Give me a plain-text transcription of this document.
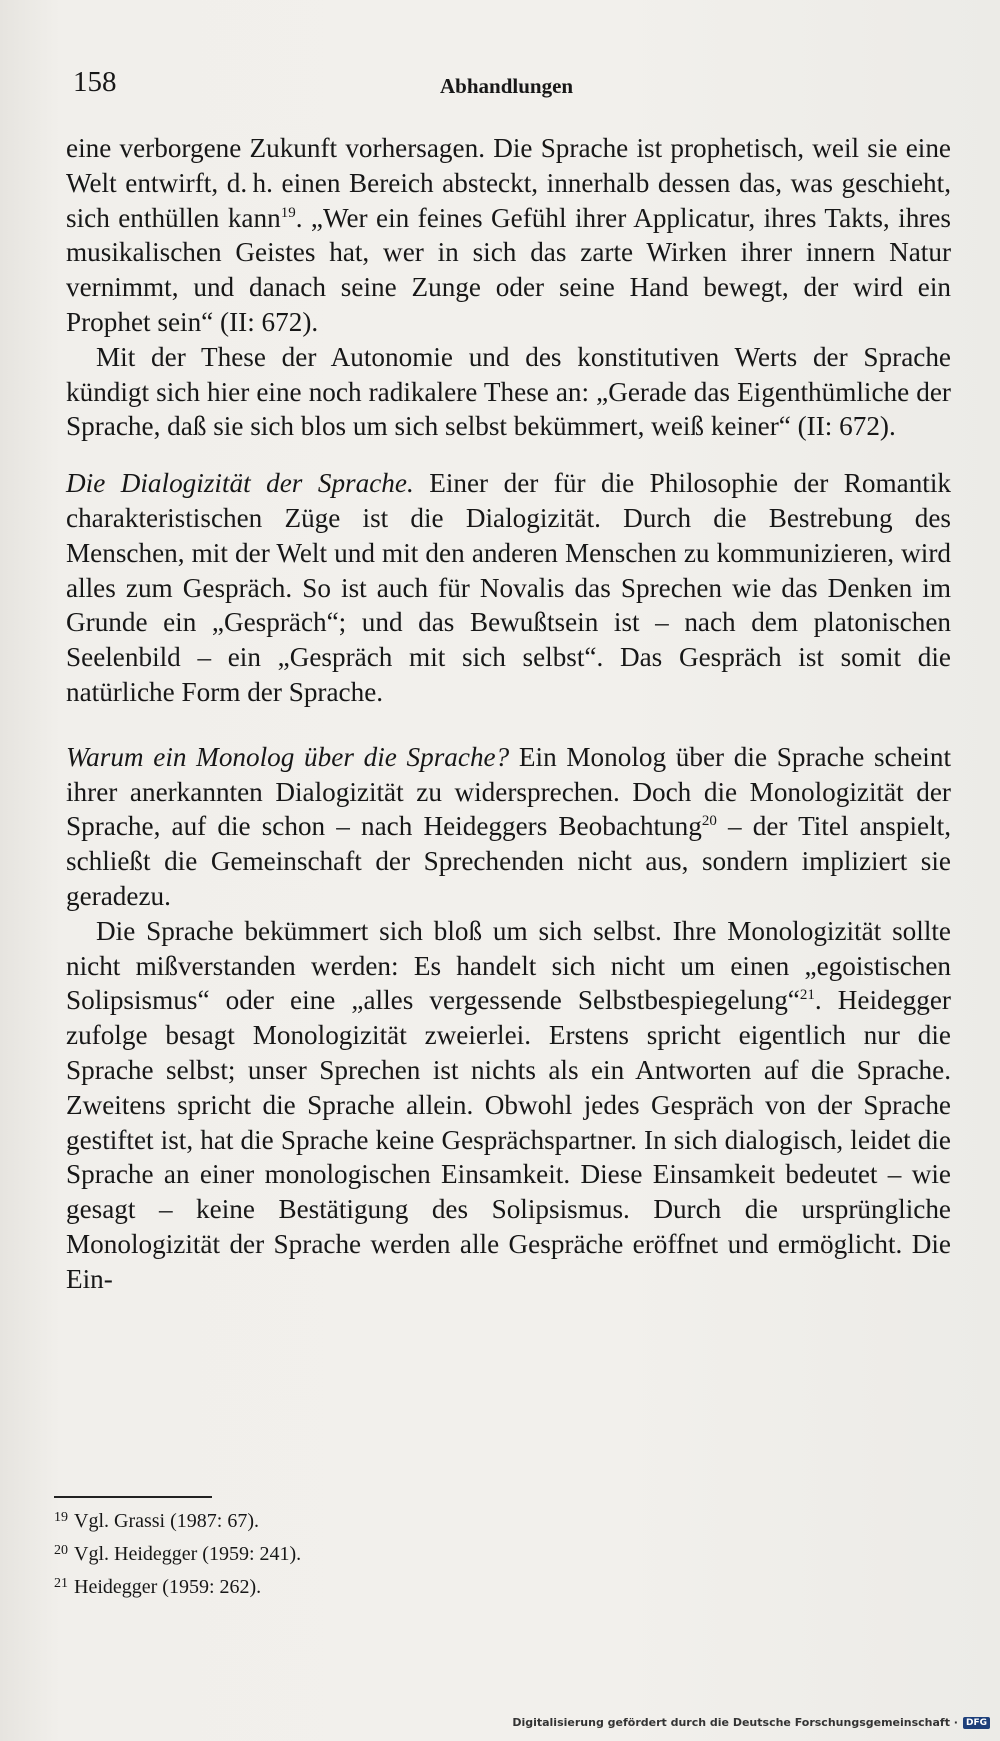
158	Abhandlungen

eine verborgene Zukunft vorhersagen. Die Sprache ist prophetisch, weil sie eine Welt entwirft, d. h. einen Bereich absteckt, innerhalb dessen das, was geschieht, sich enthüllen kann$^{19}$. „Wer ein feines Gefühl ihrer Applicatur, ihres Takts, ihres musikalischen Geistes hat, wer in sich das zarte Wirken ihrer innern Natur vernimmt, und danach seine Zunge oder seine Hand bewegt, der wird ein Prophet sein“ (II: 672).

Mit der These der Autonomie und des konstitutiven Werts der Sprache kündigt sich hier eine noch radikalere These an: „Gerade das Eigenthümliche der Sprache, daß sie sich blos um sich selbst bekümmert, weiß keiner“ (II: 672).

Die Dialogizität der Sprache. Einer der für die Philosophie der Romantik charakteristischen Züge ist die Dialogizität. Durch die Bestrebung des Menschen, mit der Welt und mit den anderen Menschen zu kommunizieren, wird alles zum Gespräch. So ist auch für Novalis das Sprechen wie das Denken im Grunde ein „Gespräch“; und das Bewußtsein ist – nach dem platonischen Seelenbild – ein „Gespräch mit sich selbst“. Das Gespräch ist somit die natürliche Form der Sprache.

Warum ein Monolog über die Sprache? Ein Monolog über die Sprache scheint ihrer anerkannten Dialogizität zu widersprechen. Doch die Monologizität der Sprache, auf die schon – nach Heideggers Beobachtung$^{20}$ – der Titel anspielt, schließt die Gemeinschaft der Sprechenden nicht aus, sondern impliziert sie geradezu.

Die Sprache bekümmert sich bloß um sich selbst. Ihre Monologizität sollte nicht mißverstanden werden: Es handelt sich nicht um einen „egoistischen Solipsismus“ oder eine „alles vergessende Selbstbespiegelung“$^{21}$. Heidegger zufolge besagt Monologizität zweierlei. Erstens spricht eigentlich nur die Sprache selbst; unser Sprechen ist nichts als ein Antworten auf die Sprache. Zweitens spricht die Sprache allein. Obwohl jedes Gespräch von der Sprache gestiftet ist, hat die Sprache keine Gesprächspartner. In sich dialogisch, leidet die Sprache an einer monologischen Einsamkeit. Diese Einsamkeit bedeutet – wie gesagt – keine Bestätigung des Solipsismus. Durch die ursprüngliche Monologizität der Sprache werden alle Gespräche eröffnet und ermöglicht. Die Ein-

$^{19}$ Vgl. Grassi (1987: 67).
$^{20}$ Vgl. Heidegger (1959: 241).
$^{21}$ Heidegger (1959: 262).
Digitalisierung gefördert durch die Deutsche Forschungsgemeinschaft · DFG
